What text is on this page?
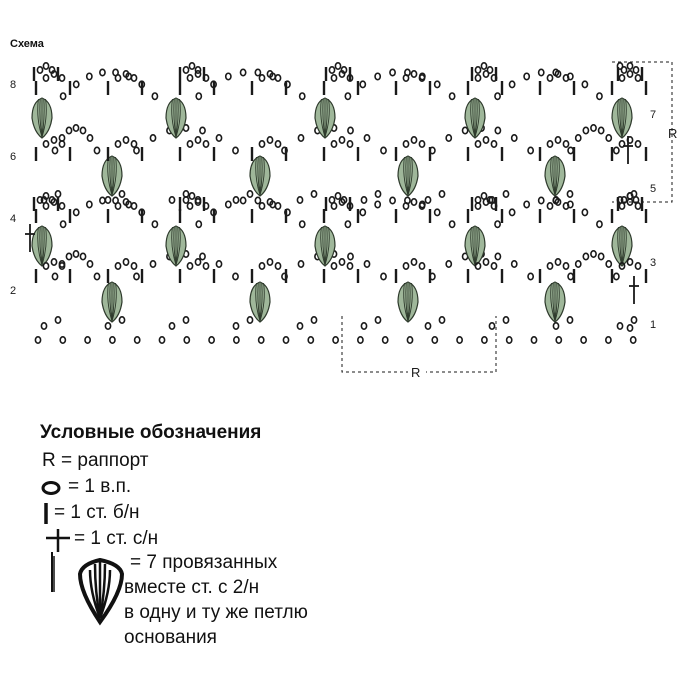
8
6
4
2
7
5
3
1
R
R
Схема
Условные обозначения
R = раппорт
= 1 в.п.
= 1 ст. б/н
= 1 ст. с/н
= 7 провязанных
вместе ст. с 2/н
в одну и ту же петлю
основания
